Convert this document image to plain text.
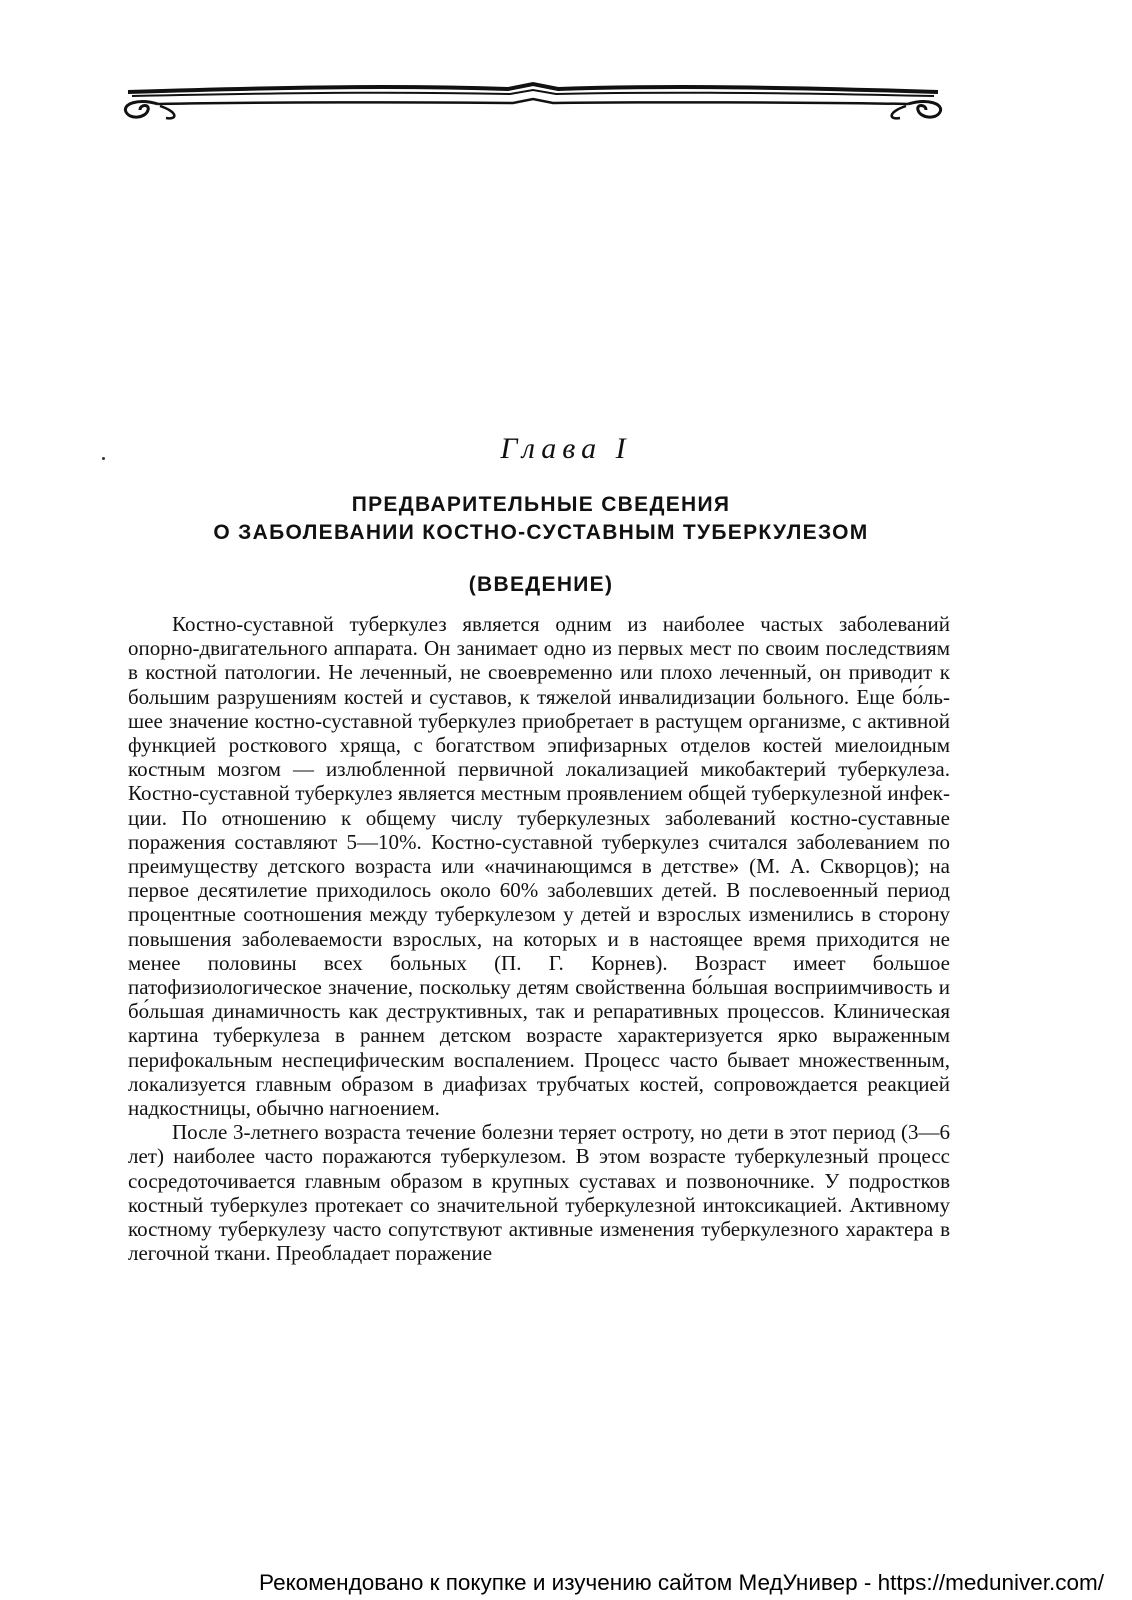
Глава I
ПРЕДВАРИТЕЛЬНЫЕ СВЕДЕНИЯ
О ЗАБОЛЕВАНИИ КОСТНО-СУСТАВНЫМ ТУБЕРКУЛЕЗОМ
(ВВЕДЕНИЕ)

Костно-суставной туберкулез является одним из наиболее частых заболеваний опорно-двигательного аппарата. Он занимает одно из первых мест по своим последствиям в костной патологии. Не леченный, не своевременно или плохо леченный, он приводит к большим разрушениям костей и суставов, к тяжелой инвалидизации больного. Еще бо́льшее значение костно-суставной туберкулез приобретает в растущем организме, с активной функцией росткового хряща, с богатством эпифизарных отделов костей миелоидным костным мозгом — излюбленной первичной локализацией микобактерий туберкулеза. Костно-суставной туберкулез является местным проявлением общей туберкулезной инфекции. По отношению к общему числу туберкулезных заболеваний костно-суставные поражения составляют 5—10%. Костно-суставной туберкулез считался заболеванием по преимуществу детского возраста или «начинающимся в детстве» (М. А. Скворцов); на первое десятилетие приходилось около 60% заболевших детей. В послевоенный период процентные соотношения между туберкулезом у детей и взрослых изменились в сторону повышения заболеваемости взрослых, на которых и в настоящее время приходится не менее половины всех больных (П. Г. Корнев). Возраст имеет большое патофизиологическое значение, поскольку детям свойственна бо́льшая восприимчивость и бо́льшая динамичность как деструктивных, так и репаративных процессов. Клиническая картина туберкулеза в раннем детском возрасте характеризуется ярко выраженным перифокальным неспецифическим воспалением. Процесс часто бывает множественным, локализуется главным образом в диафизах трубчатых костей, сопровождается реакцией надкостницы, обычно нагноением.

После 3-летнего возраста течение болезни теряет остроту, но дети в этот период (3—6 лет) наиболее часто поражаются туберкулезом. В этом возрасте туберкулезный процесс сосредоточивается главным образом в крупных суставах и позвоночнике. У подростков костный туберкулез протекает со значительной туберкулезной интоксикацией. Активному костному туберкулезу часто сопутствуют активные изменения туберкулезного характера в легочной ткани. Преобладает поражение

Рекомендовано к покупке и изучению сайтом МедУнивер - https://meduniver.com/
